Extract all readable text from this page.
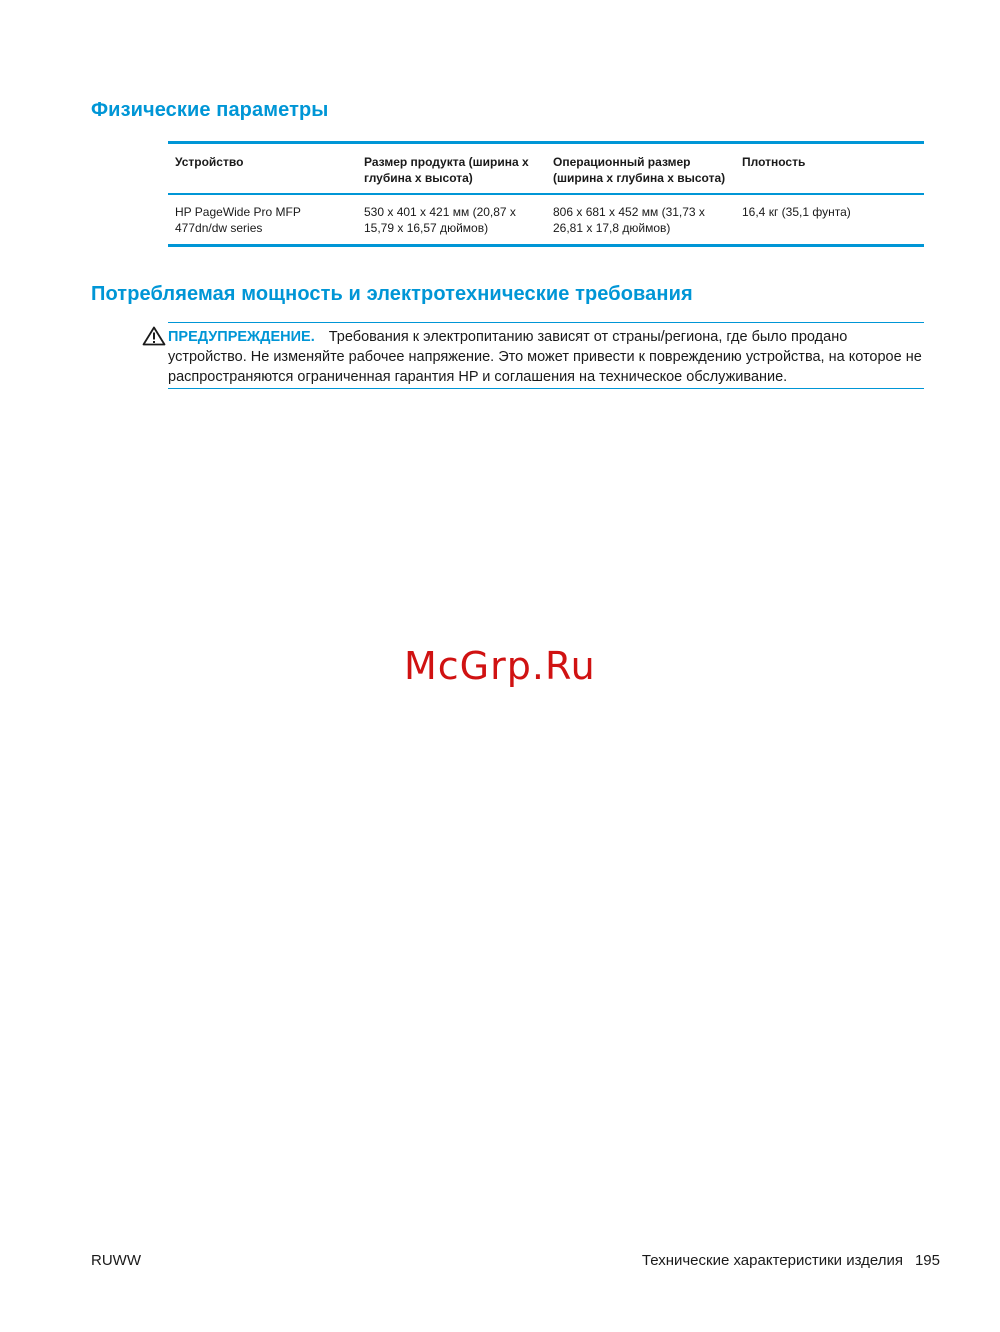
Физические параметры
Устройство	Размер продукта (ширина x глубина x высота)	Операционный размер (ширина x глубина x высота)	Плотность
HP PageWide Pro MFP 477dn/dw series	530 x 401 x 421 мм (20,87 x 15,79 x 16,57 дюймов)	806 x 681 x 452 мм (31,73 x 26,81 x 17,8 дюймов)	16,4 кг (35,1 фунта)
Потребляемая мощность и электротехнические требования
ПРЕДУПРЕЖДЕНИЕ. Требования к электропитанию зависят от страны/региона, где было продано устройство. Не изменяйте рабочее напряжение. Это может привести к повреждению устройства, на которое не распространяются ограниченная гарантия HP и соглашения на техническое обслуживание.
McGrp.Ru
RUWW	Технические характеристики изделия 195
